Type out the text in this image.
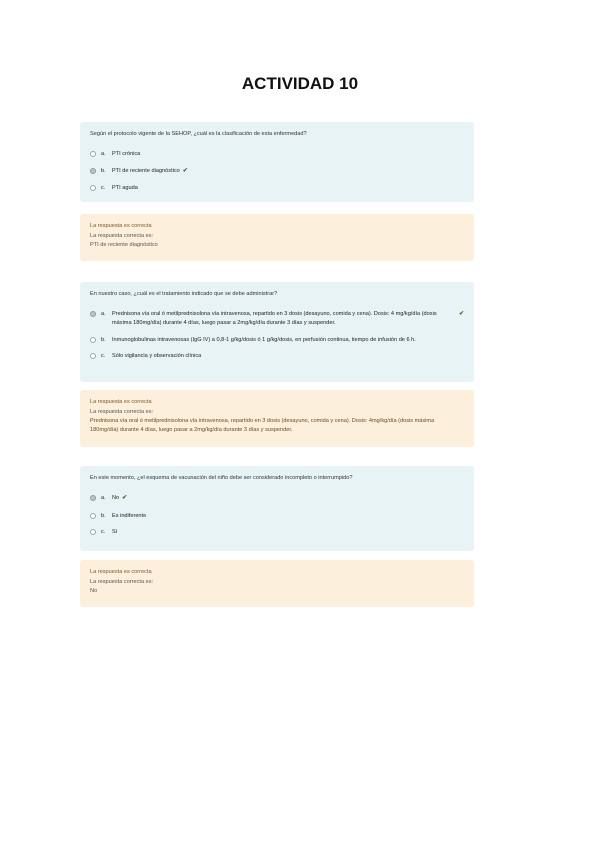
ACTIVIDAD 10
Según el protocolo vigente de la SEHOP, ¿cuál es la clasificación de esta enfermedad?
a.	PTI crónica
b.	PTI de reciente diagnóstico ✔
c.	PTI aguda
La respuesta es correcta
La respuesta correcta es:
PTI de reciente diagnóstico
En nuestro caso, ¿cuál es el tratamiento indicado que se debe administrar?
a.	Prednisona vía oral ó metilprednisolona vía intravenosa, repartido en 3 dosis (desayuno, comida y cena). Dosis: 4 mg/kg/día (dosis máxima 180mg/día) durante 4 días, luego pasar a 2mg/kg/día durante 3 días y suspender.
✔
b.	Inmunoglobulinas intravenosas (IgG IV) a 0,8-1 g/kg/dosis ó 1 g/kg/dosis, en perfusión continua, tiempo de infusión de 6 h.
c.	Sólo vigilancia y observación clínica
La respuesta es correcta
La respuesta correcta es:
Prednisona vía oral ó metilprednisolona vía intravenosa, repartido en 3 dosis (desayuno, comida y cena). Dosis: 4mg/kg/día (dosis máxima 180mg/día) durante 4 días, luego pasar a 2mg/kg/día durante 3 días y suspender.
En este momento, ¿el esquema de vacunación del niño debe ser considerado incompleto o interrumpido?
a.	No ✔
b.	Es indiferente
c.	Sí
La respuesta es correcta
La respuesta correcta es:
No
